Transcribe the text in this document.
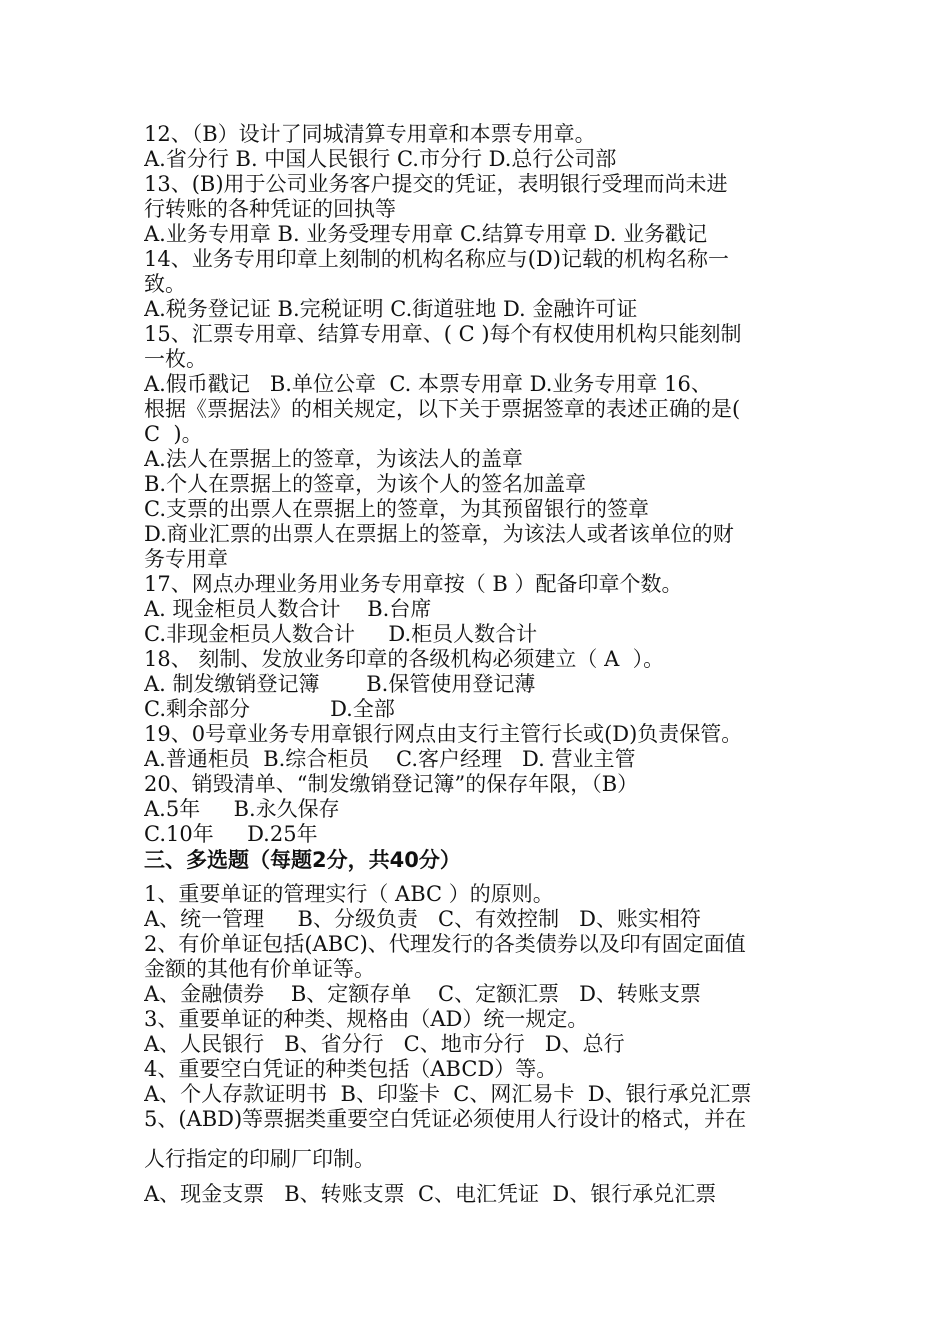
12、（B）设计了同城清算专用章和本票专用章。
A.省分行 B. 中国人民银行 C.市分行 D.总行公司部
13、(B)用于公司业务客户提交的凭证，表明银行受理而尚未进
行转账的各种凭证的回执等
A.业务专用章 B. 业务受理专用章 C.结算专用章 D. 业务戳记
14、业务专用印章上刻制的机构名称应与(D)记载的机构名称一
致。
A.税务登记证 B.完税证明 C.街道驻地 D. 金融许可证
15、汇票专用章、结算专用章、( C )每个有权使用机构只能刻制
一枚。
A.假币戳记   B.单位公章  C. 本票专用章 D.业务专用章 16、
根据《票据法》的相关规定，以下关于票据签章的表述正确的是(
C  )。
A.法人在票据上的签章，为该法人的盖章
B.个人在票据上的签章，为该个人的签名加盖章
C.支票的出票人在票据上的签章，为其预留银行的签章
D.商业汇票的出票人在票据上的签章，为该法人或者该单位的财
务专用章
17、网点办理业务用业务专用章按（ B ）配备印章个数。
A. 现金柜员人数合计    B.台席
C.非现金柜员人数合计     D.柜员人数合计
18、 刻制、发放业务印章的各级机构必须建立（ A  ）。
A. 制发缴销登记簿       B.保管使用登记薄
C.剩余部分            D.全部
19、0号章业务专用章银行网点由支行主管行长或(D)负责保管。
A.普通柜员  B.综合柜员    C.客户经理   D. 营业主管
20、销毁清单、“制发缴销登记簿”的保存年限，（B）
A.5年     B.永久保存
C.10年     D.25年
三、多选题（每题2分，共40分）
1、重要单证的管理实行（ ABC ）的原则。
A、统一管理     B、分级负责   C、有效控制   D、账实相符
2、有价单证包括(ABC)、代理发行的各类债券以及印有固定面值
金额的其他有价单证等。
A、金融债券    B、定额存单    C、定额汇票   D、转账支票
3、重要单证的种类、规格由（AD）统一规定。
A、人民银行   B、省分行   C、地市分行   D、总行
4、重要空白凭证的种类包括（ABCD）等。
A、个人存款证明书  B、印鉴卡  C、网汇易卡  D、银行承兑汇票
5、(ABD)等票据类重要空白凭证必须使用人行设计的格式，并在
人行指定的印刷厂印制。
A、现金支票   B、转账支票  C、电汇凭证  D、银行承兑汇票
